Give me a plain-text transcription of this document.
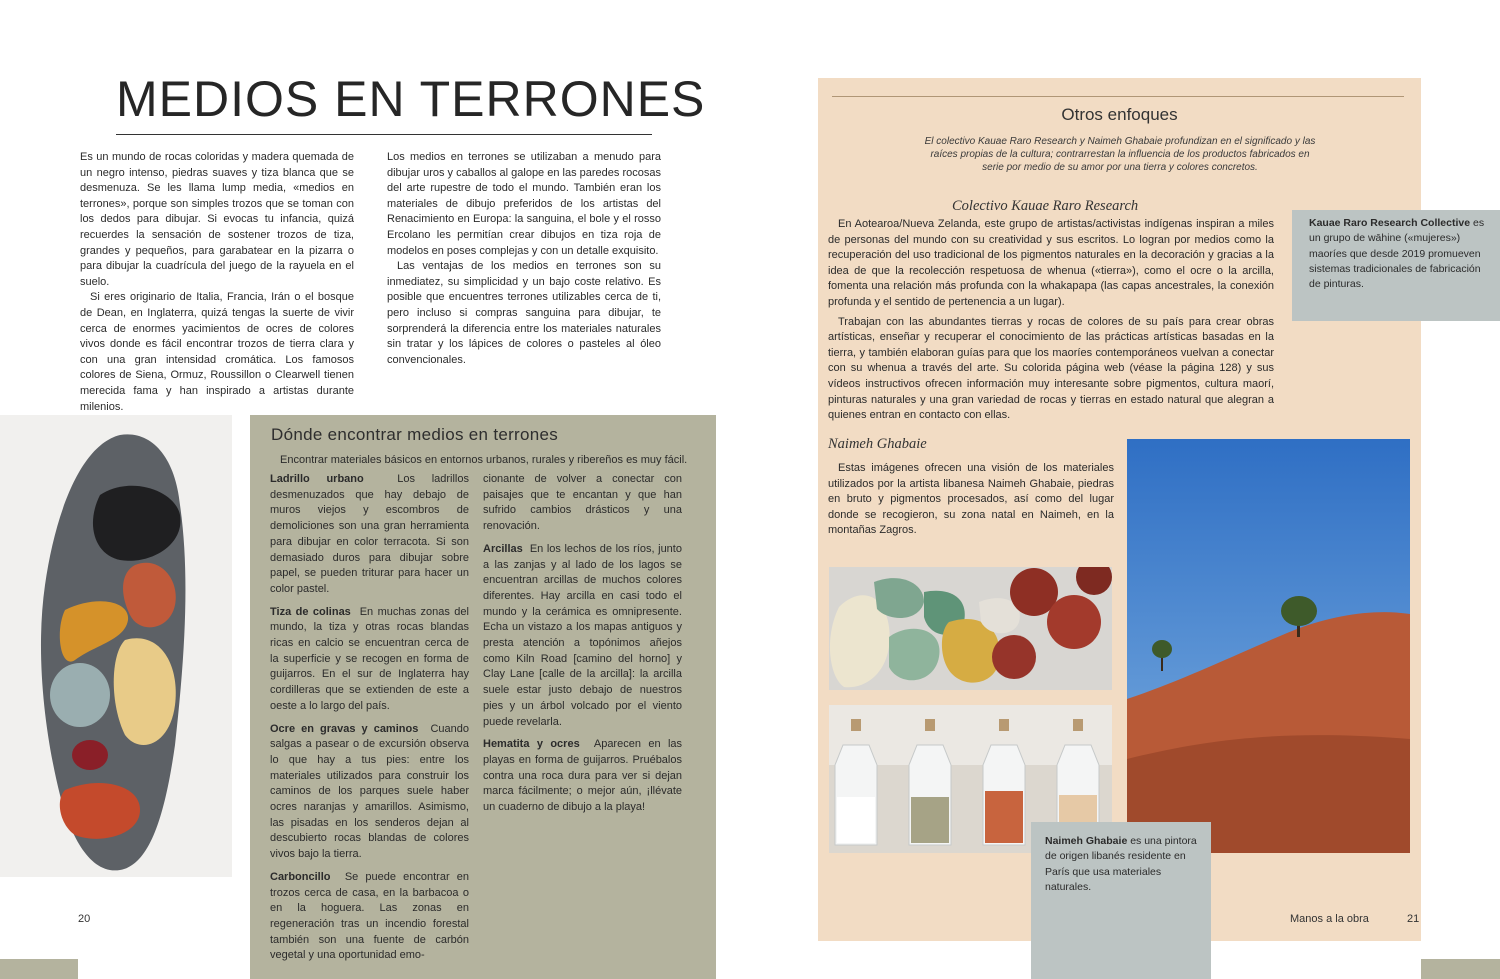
MEDIOS EN TERRONES

Es un mundo de rocas coloridas y madera quemada de un negro intenso, piedras suaves y tiza blanca que se desmenuza. Se les llama lump media, «medios en terrones», porque son simples trozos que se toman con los dedos para dibujar. Si evocas tu infancia, quizá recuerdes la sensación de sostener trozos de tiza, grandes y pequeños, para garabatear en la pizarra o para dibujar la cuadrícula del juego de la rayuela en el suelo.

Si eres originario de Italia, Francia, Irán o el bosque de Dean, en Inglaterra, quizá tengas la suerte de vivir cerca de enormes yacimientos de ocres de colores vivos donde es fácil encontrar trozos de tierra clara y con una gran intensidad cromática. Los famosos colores de Siena, Ormuz, Roussillon o Clearwell tienen merecida fama y han inspirado a artistas durante milenios.

Los medios en terrones se utilizaban a menudo para dibujar uros y caballos al galope en las paredes rocosas del arte rupestre de todo el mundo. También eran los materiales de dibujo preferidos de los artistas del Renacimiento en Europa: la sanguina, el bole y el rosso Ercolano les permitían crear dibujos en tiza roja de modelos en poses complejas y con un detalle exquisito.

Las ventajas de los medios en terrones son su inmediatez, su simplicidad y un bajo coste relativo. Es posible que encuentres terrones utilizables cerca de ti, pero incluso si compras sanguina para dibujar, te sorprenderá la diferencia entre los materiales naturales sin tratar y los lápices de colores o pasteles al óleo convencionales.

Dónde encontrar medios en terrones

Encontrar materiales básicos en entornos urbanos, rurales y ribereños es muy fácil.

Ladrillo urbano	Los ladrillos desmenuzados que hay debajo de muros viejos y escombros de demoliciones son una gran herramienta para dibujar en color terracota. Si son demasiado duros para dibujar sobre papel, se pueden triturar para hacer un color pastel.

Tiza de colinas En muchas zonas del mundo, la tiza y otras rocas blandas ricas en calcio se encuentran cerca de la superficie y se recogen en forma de guijarros. En el sur de Inglaterra hay cordilleras que se extienden de este a oeste a lo largo del país.

Ocre en gravas y caminos Cuando salgas a pasear o de excursión observa lo que hay a tus pies: entre los materiales utilizados para construir los caminos de los parques suele haber ocres naranjas y amarillos. Asimismo, las pisadas en los senderos dejan al descubierto rocas blandas de colores vivos bajo la tierra.

Carboncillo Se puede encontrar en trozos cerca de casa, en la barbacoa o en la hoguera. Las zonas en regeneración tras un incendio forestal también son una fuente de carbón vegetal y una oportunidad emo-

cionante de volver a conectar con paisajes que te encantan y que han sufrido cambios drásticos y una renovación.

Arcillas En los lechos de los ríos, junto a las zanjas y al lado de los lagos se encuentran arcillas de muchos colores diferentes. Hay arcilla en casi todo el mundo y la cerámica es omnipresente. Echa un vistazo a los mapas antiguos y presta atención a topónimos añejos como Kiln Road [camino del horno] y Clay Lane [calle de la arcilla]: la arcilla suele estar justo debajo de nuestros pies y un árbol volcado por el viento puede revelarla.

Hematita y ocres Aparecen en las playas en forma de guijarros. Pruébalos contra una roca dura para ver si dejan marca fácilmente; o mejor aún, ¡llévate un cuaderno de dibujo a la playa!

20
Otros enfoques
El colectivo Kauae Raro Research y Naimeh Ghabaie profundizan en el significado y las raíces propias de la cultura; contrarrestan la influencia de los productos fabricados en serie por medio de su amor por una tierra y colores concretos.
Colectivo Kauae Raro Research

En Aotearoa/Nueva Zelanda, este grupo de artistas/activistas indígenas inspiran a miles de personas del mundo con su creatividad y sus escritos. Lo logran por medios como la recuperación del uso tradicional de los pigmentos naturales en la decoración y gracias a la idea de que la recolección respetuosa de whenua («tierra»), como el ocre o la arcilla, fomenta una relación más profunda con la whakapapa (las capas ancestrales, la conexión profunda y el sentido de pertenencia a un lugar).

Trabajan con las abundantes tierras y rocas de colores de su país para crear obras artísticas, enseñar y recuperar el conocimiento de las prácticas artísticas basadas en la tierra, y también elaboran guías para que los maoríes contemporáneos vuelvan a conectar con su whenua a través del arte. Su colorida página web (véase la página 128) y sus vídeos instructivos ofrecen información muy interesante sobre pigmentos, cultura maorí, pinturas naturales y una gran variedad de rocas y tierras en estado natural que alegran a quienes entran en contacto con ellas.

Kauae Raro Research Collective es un grupo de wāhine («mujeres») maoríes que desde 2019 promueven sistemas tradicionales de fabricación de pinturas.
Naimeh Ghabaie

Estas imágenes ofrecen una visión de los materiales utilizados por la artista libanesa Naimeh Ghabaie, piedras en bruto y pigmentos procesados, así como del lugar donde se recogieron, su zona natal en Naimeh, en la montañas Zagros.

Naimeh Ghabaie es una pintora de origen libanés residente en París que usa materiales naturales.
Manos a la obra	21
